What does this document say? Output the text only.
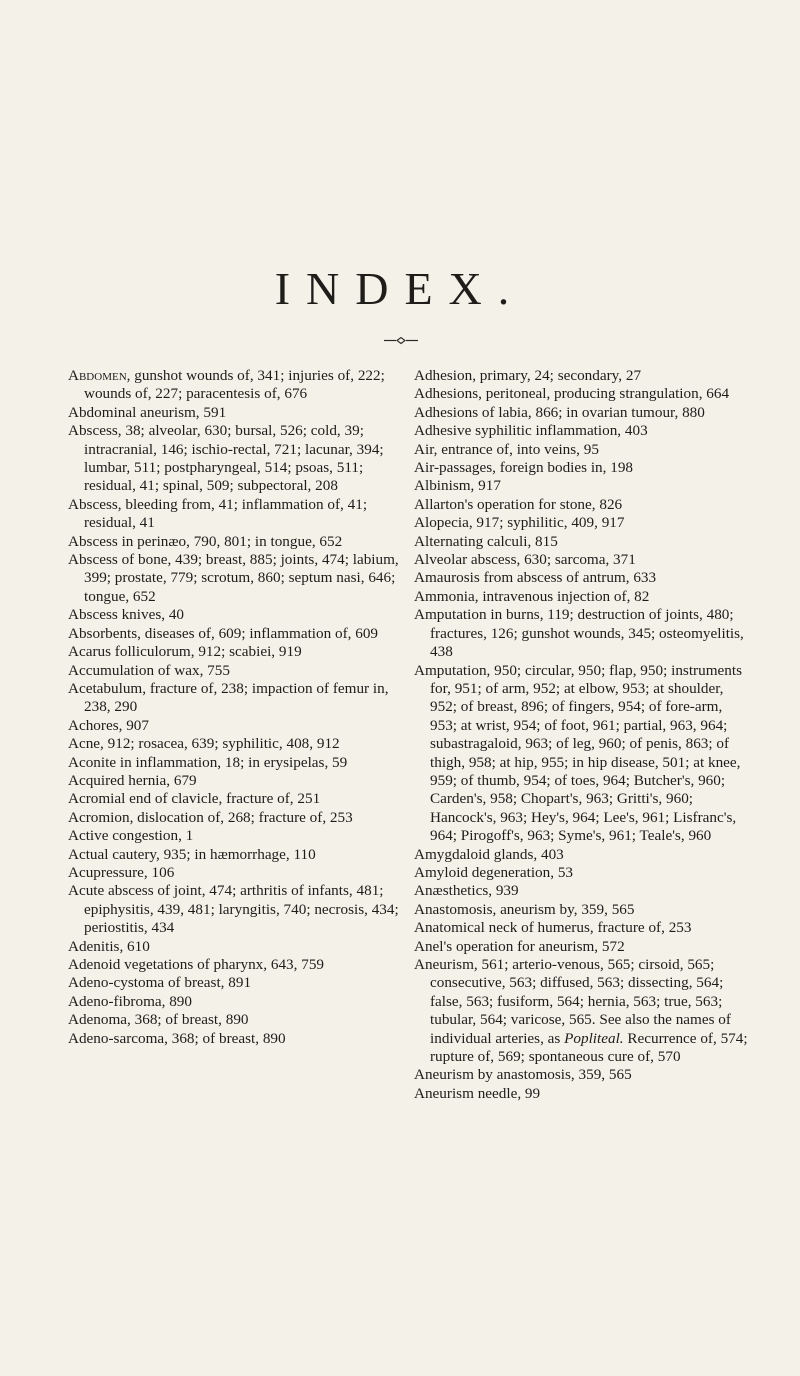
INDEX.

Abdomen, gunshot wounds of, 341; injuries of, 222; wounds of, 227; paracentesis of, 676

Abdominal aneurism, 591

Abscess, 38; alveolar, 630; bursal, 526; cold, 39; intracranial, 146; ischio-rectal, 721; lacunar, 394; lumbar, 511; postpharyngeal, 514; psoas, 511; residual, 41; spinal, 509; subpectoral, 208

Abscess, bleeding from, 41; inflammation of, 41; residual, 41

Abscess in perinæo, 790, 801; in tongue, 652

Abscess of bone, 439; breast, 885; joints, 474; labium, 399; prostate, 779; scrotum, 860; septum nasi, 646; tongue, 652

Abscess knives, 40

Absorbents, diseases of, 609; inflammation of, 609

Acarus folliculorum, 912; scabiei, 919

Accumulation of wax, 755

Acetabulum, fracture of, 238; impaction of femur in, 238, 290

Achores, 907

Acne, 912; rosacea, 639; syphilitic, 408, 912

Aconite in inflammation, 18; in erysipelas, 59

Acquired hernia, 679

Acromial end of clavicle, fracture of, 251

Acromion, dislocation of, 268; fracture of, 253

Active congestion, 1

Actual cautery, 935; in hæmorrhage, 110

Acupressure, 106

Acute abscess of joint, 474; arthritis of infants, 481; epiphysitis, 439, 481; laryngitis, 740; necrosis, 434; periostitis, 434

Adenitis, 610

Adenoid vegetations of pharynx, 643, 759

Adeno-cystoma of breast, 891

Adeno-fibroma, 890

Adenoma, 368; of breast, 890

Adeno-sarcoma, 368; of breast, 890

Adhesion, primary, 24; secondary, 27

Adhesions, peritoneal, producing strangulation, 664

Adhesions of labia, 866; in ovarian tumour, 880

Adhesive syphilitic inflammation, 403

Air, entrance of, into veins, 95

Air-passages, foreign bodies in, 198

Albinism, 917

Allarton's operation for stone, 826

Alopecia, 917; syphilitic, 409, 917

Alternating calculi, 815

Alveolar abscess, 630; sarcoma, 371

Amaurosis from abscess of antrum, 633

Ammonia, intravenous injection of, 82

Amputation in burns, 119; destruction of joints, 480; fractures, 126; gunshot wounds, 345; osteomyelitis, 438

Amputation, 950; circular, 950; flap, 950; instruments for, 951; of arm, 952; at elbow, 953; at shoulder, 952; of breast, 896; of fingers, 954; of fore-arm, 953; at wrist, 954; of foot, 961; partial, 963, 964; subastragaloid, 963; of leg, 960; of penis, 863; of thigh, 958; at hip, 955; in hip disease, 501; at knee, 959; of thumb, 954; of toes, 964; Butcher's, 960; Carden's, 958; Chopart's, 963; Gritti's, 960; Hancock's, 963; Hey's, 964; Lee's, 961; Lisfranc's, 964; Pirogoff's, 963; Syme's, 961; Teale's, 960

Amygdaloid glands, 403

Amyloid degeneration, 53

Anæsthetics, 939

Anastomosis, aneurism by, 359, 565

Anatomical neck of humerus, fracture of, 253

Anel's operation for aneurism, 572

Aneurism, 561; arterio-venous, 565; cirsoid, 565; consecutive, 563; diffused, 563; dissecting, 564; false, 563; fusiform, 564; hernia, 563; true, 563; tubular, 564; varicose, 565. See also the names of individual arteries, as Popliteal. Recurrence of, 574; rupture of, 569; spontaneous cure of, 570

Aneurism by anastomosis, 359, 565

Aneurism needle, 99
